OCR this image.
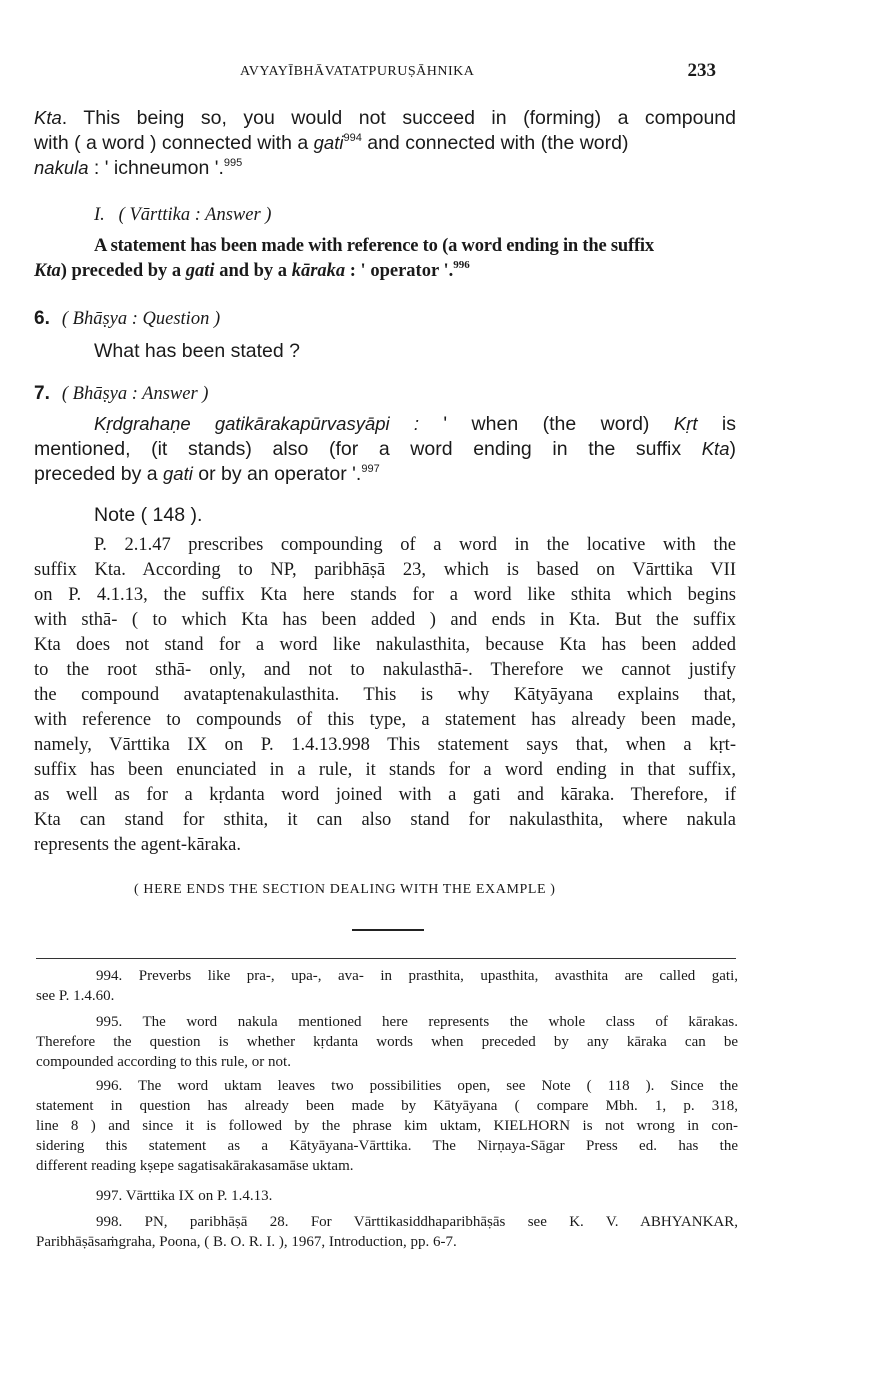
AVYAYĪBHĀVATATPURUṢĀHNIKA	233
Kta. This being so, you would not succeed in (forming) a compound
with ( a word ) connected with a gati$^{994}$ and connected with (the word)
nakula : ' ichneumon '.$^{995}$
I. ( Vārttika : Answer )
A statement has been made with reference to (a word ending in the suffix
Kta) preceded by a gati and by a kāraka : ' operator '.$^{996}$
6. ( Bhāṣya : Question )
What has been stated ?
7. ( Bhāṣya : Answer )
Kṛdgrahaṇe gatikārakapūrvasyāpi : ' when (the word) Kṛt is
mentioned, (it stands) also (for a word ending in the suffix Kta)
preceded by a gati or by an operator '.$^{997}$
Note ( 148 ).
P. 2.1.47 prescribes compounding of a word in the locative with the
suffix Kta. According to NP, paribhāṣā 23, which is based on Vārttika VII
on P. 4.1.13, the suffix Kta here stands for a word like sthita which begins
with sthā- ( to which Kta has been added ) and ends in Kta. But the suffix
Kta does not stand for a word like nakulasthita, because Kta has been added
to the root sthā- only, and not to nakulasthā-. Therefore we cannot justify
the compound avataptenakulasthita. This is why Kātyāyana explains that,
with reference to compounds of this type, a statement has already been made,
namely, Vārttika IX on P. 1.4.13.998 This statement says that, when a kṛt-
suffix has been enunciated in a rule, it stands for a word ending in that suffix,
as well as for a kṛdanta word joined with a gati and kāraka. Therefore, if
Kta can stand for sthita, it can also stand for nakulasthita, where nakula
represents the agent-kāraka.
( HERE ENDS THE SECTION DEALING WITH THE EXAMPLE )
994. Preverbs like pra-, upa-, ava- in prasthita, upasthita, avasthita are called gati,
see P. 1.4.60.
995. The word nakula mentioned here represents the whole class of kārakas.
Therefore the question is whether kṛdanta words when preceded by any kāraka can be
compounded according to this rule, or not.
996. The word uktam leaves two possibilities open, see Note ( 118 ). Since the
statement in question has already been made by Kātyāyana ( compare Mbh. 1, p. 318,
line 8 ) and since it is followed by the phrase kim uktam, KIELHORN is not wrong in con-
sidering this statement as a Kātyāyana-Vārttika. The Nirṇaya-Sāgar Press ed. has the
different reading kṣepe sagatisakārakasamāse uktam.
997. Vārttika IX on P. 1.4.13.
998. PN, paribhāṣā 28. For Vārttikasiddhaparibhāṣās see K. V. ABHYANKAR,
Paribhāṣāsaṁgraha, Poona, ( B. O. R. I. ), 1967, Introduction, pp. 6-7.
